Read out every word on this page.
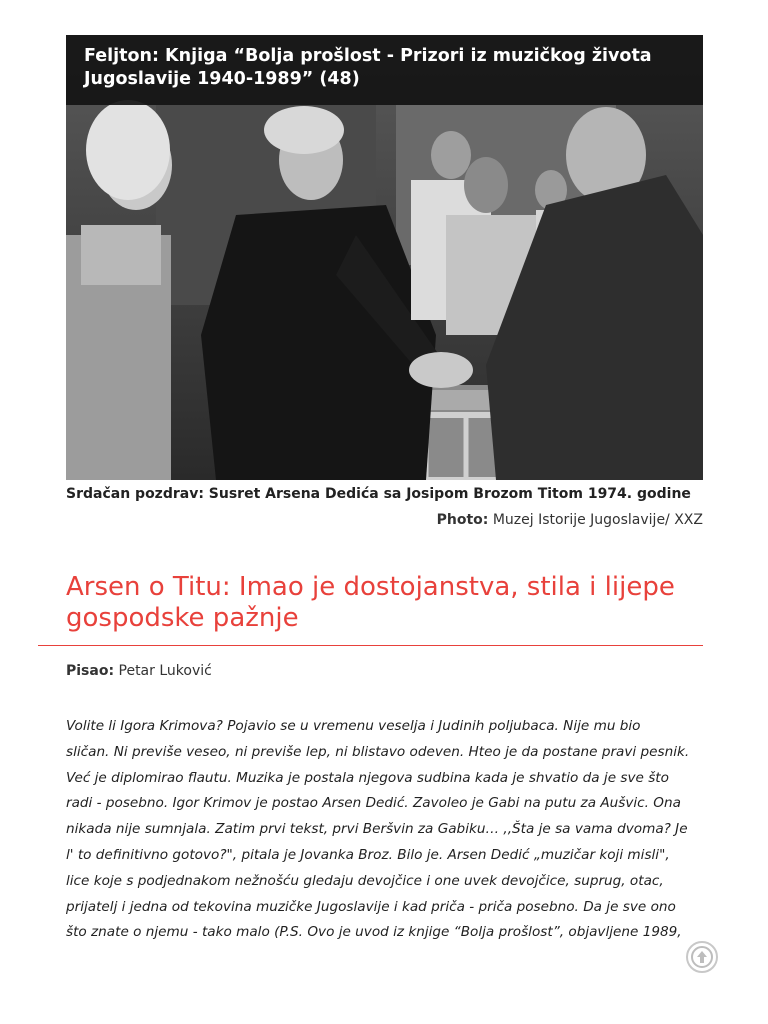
Feljton: Knjiga “Bolja prošlost - Prizori iz muzičkog života Jugoslavije 1940-1989” (48)
Srdačan pozdrav: Susret Arsena Dedića sa Josipom Brozom Titom 1974. godine
Photo: Muzej Istorije Jugoslavije/ XXZ
Arsen o Titu: Imao je dostojanstva, stila i lijepe gospodske pažnje
Pisao: Petar Luković

Volite li Igora Krimova? Pojavio se u vremenu veselja i Judinih poljubaca. Nije mu bio

sličan. Ni previše veseo, ni previše lep, ni blistavo odeven. Hteo je da postane pravi pesnik.

Već je diplomirao flautu. Muzika je postala njegova sudbina kada je shvatio da je sve što

radi - posebno. Igor Krimov je postao Arsen Dedić. Zavoleo je Gabi na putu za Aušvic. Ona

nikada nije sumnjala. Zatim prvi tekst, prvi Beršvin za Gabiku… ,,Šta je sa vama dvoma? Je

l' to definitivno gotovo?", pitala je Jovanka Broz. Bilo je. Arsen Dedić „muzičar koji misli",

lice koje s podjednakom nežnošću gledaju devojčice i one uvek devojčice, suprug, otac,

prijatelj i jedna od tekovina muzičke Jugoslavije i kad priča - priča posebno. Da je sve ono

što znate o njemu - tako malo (P.S. Ovo je uvod iz knjige “Bolja prošlost”, objavljene 1989,
